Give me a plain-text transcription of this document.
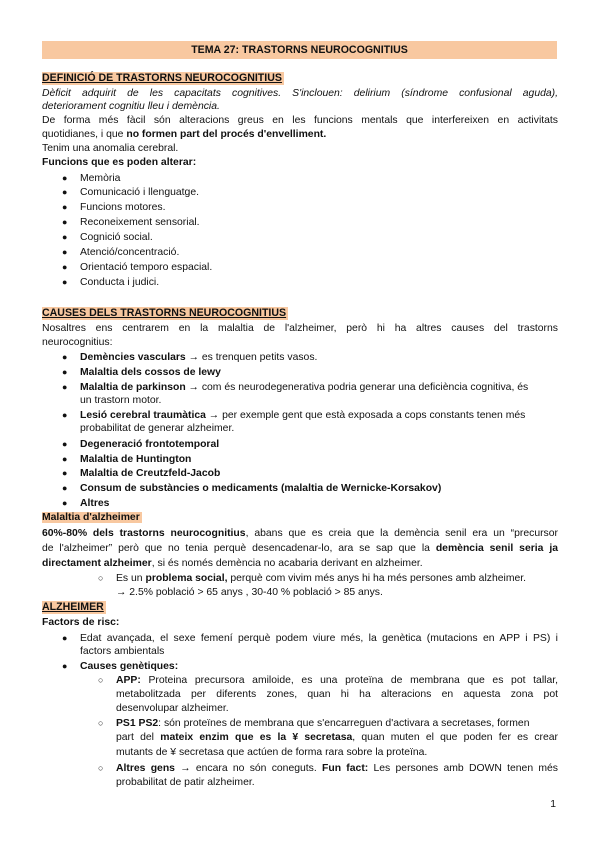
TEMA 27: TRASTORNS NEUROCOGNITIUS
DEFINICIÓ DE TRASTORNS NEUROCOGNITIUS
Dèficit adquirit de les capacitats cognitives. S'inclouen: delirium (síndrome confusional aguda),
deteriorament cognitiu lleu i demència.
De forma més fàcil són alteracions greus en les funcions mentals que interfereixen en activitats
quotidianes, i que no formen part del procés d'envelliment.
Tenim una anomalia cerebral.
Funcions que es poden alterar:
● Memòria
● Comunicació i llenguatge.
● Funcions motores.
● Reconeixement sensorial.
● Cognició social.
● Atenció/concentració.
● Orientació temporo espacial.
● Conducta i judici.
CAUSES DELS TRASTORNS NEUROCOGNITIUS
Nosaltres ens centrarem en la malaltia de l'alzheimer, però hi ha altres causes del trastorns
neurocognitius:
● Demències vasculars → es trenquen petits vasos.
● Malaltia dels cossos de lewy
● Malaltia de parkinson → com és neurodegenerativa podria generar una deficiència cognitiva, és
un trastorn motor.
● Lesió cerebral traumàtica → per exemple gent que està exposada a cops constants tenen més
probabilitat de generar alzheimer.
● Degeneració frontotemporal
● Malaltia de Huntington
● Malaltia de Creutzfeld-Jacob
● Consum de substàncies o medicaments (malaltia de Wernicke-Korsakov)
● Altres
Malaltia d'alzheimer
60%-80% dels trastorns neurocognitius, abans que es creia que la demència senil era un “precursor
de l'alzheimer” però que no tenia perquè desencadenar-lo, ara se sap que la demència senil seria ja
directament alzheimer, si és només demència no acabaria derivant en alzheimer.
○ Es un problema social, perquè com vivim més anys hi ha més persones amb alzheimer.
→ 2.5% població > 65 anys , 30-40 % població > 85 anys.
ALZHEIMER
Factors de risc:
● Edat avançada, el sexe femení perquè podem viure més, la genètica (mutacions en APP i PS) i
factors ambientals
● Causes genètiques:
○ APP: Proteina precursora amiloide, es una proteïna de membrana que es pot tallar,
metabolitzada per diferents zones, quan hi ha alteracions en aquesta zona pot
desenvolupar alzheimer.
○ PS1 PS2: són proteïnes de membrana que s'encarreguen d'activara a secretases, formen
part del mateix enzim que es la ¥ secretasa, quan muten el que poden fer es crear
mutants de ¥ secretasa que actúen de forma rara sobre la proteïna.
○ Altres gens → encara no són coneguts. Fun fact: Les persones amb DOWN tenen més
probabilitat de patir alzheimer.
1
